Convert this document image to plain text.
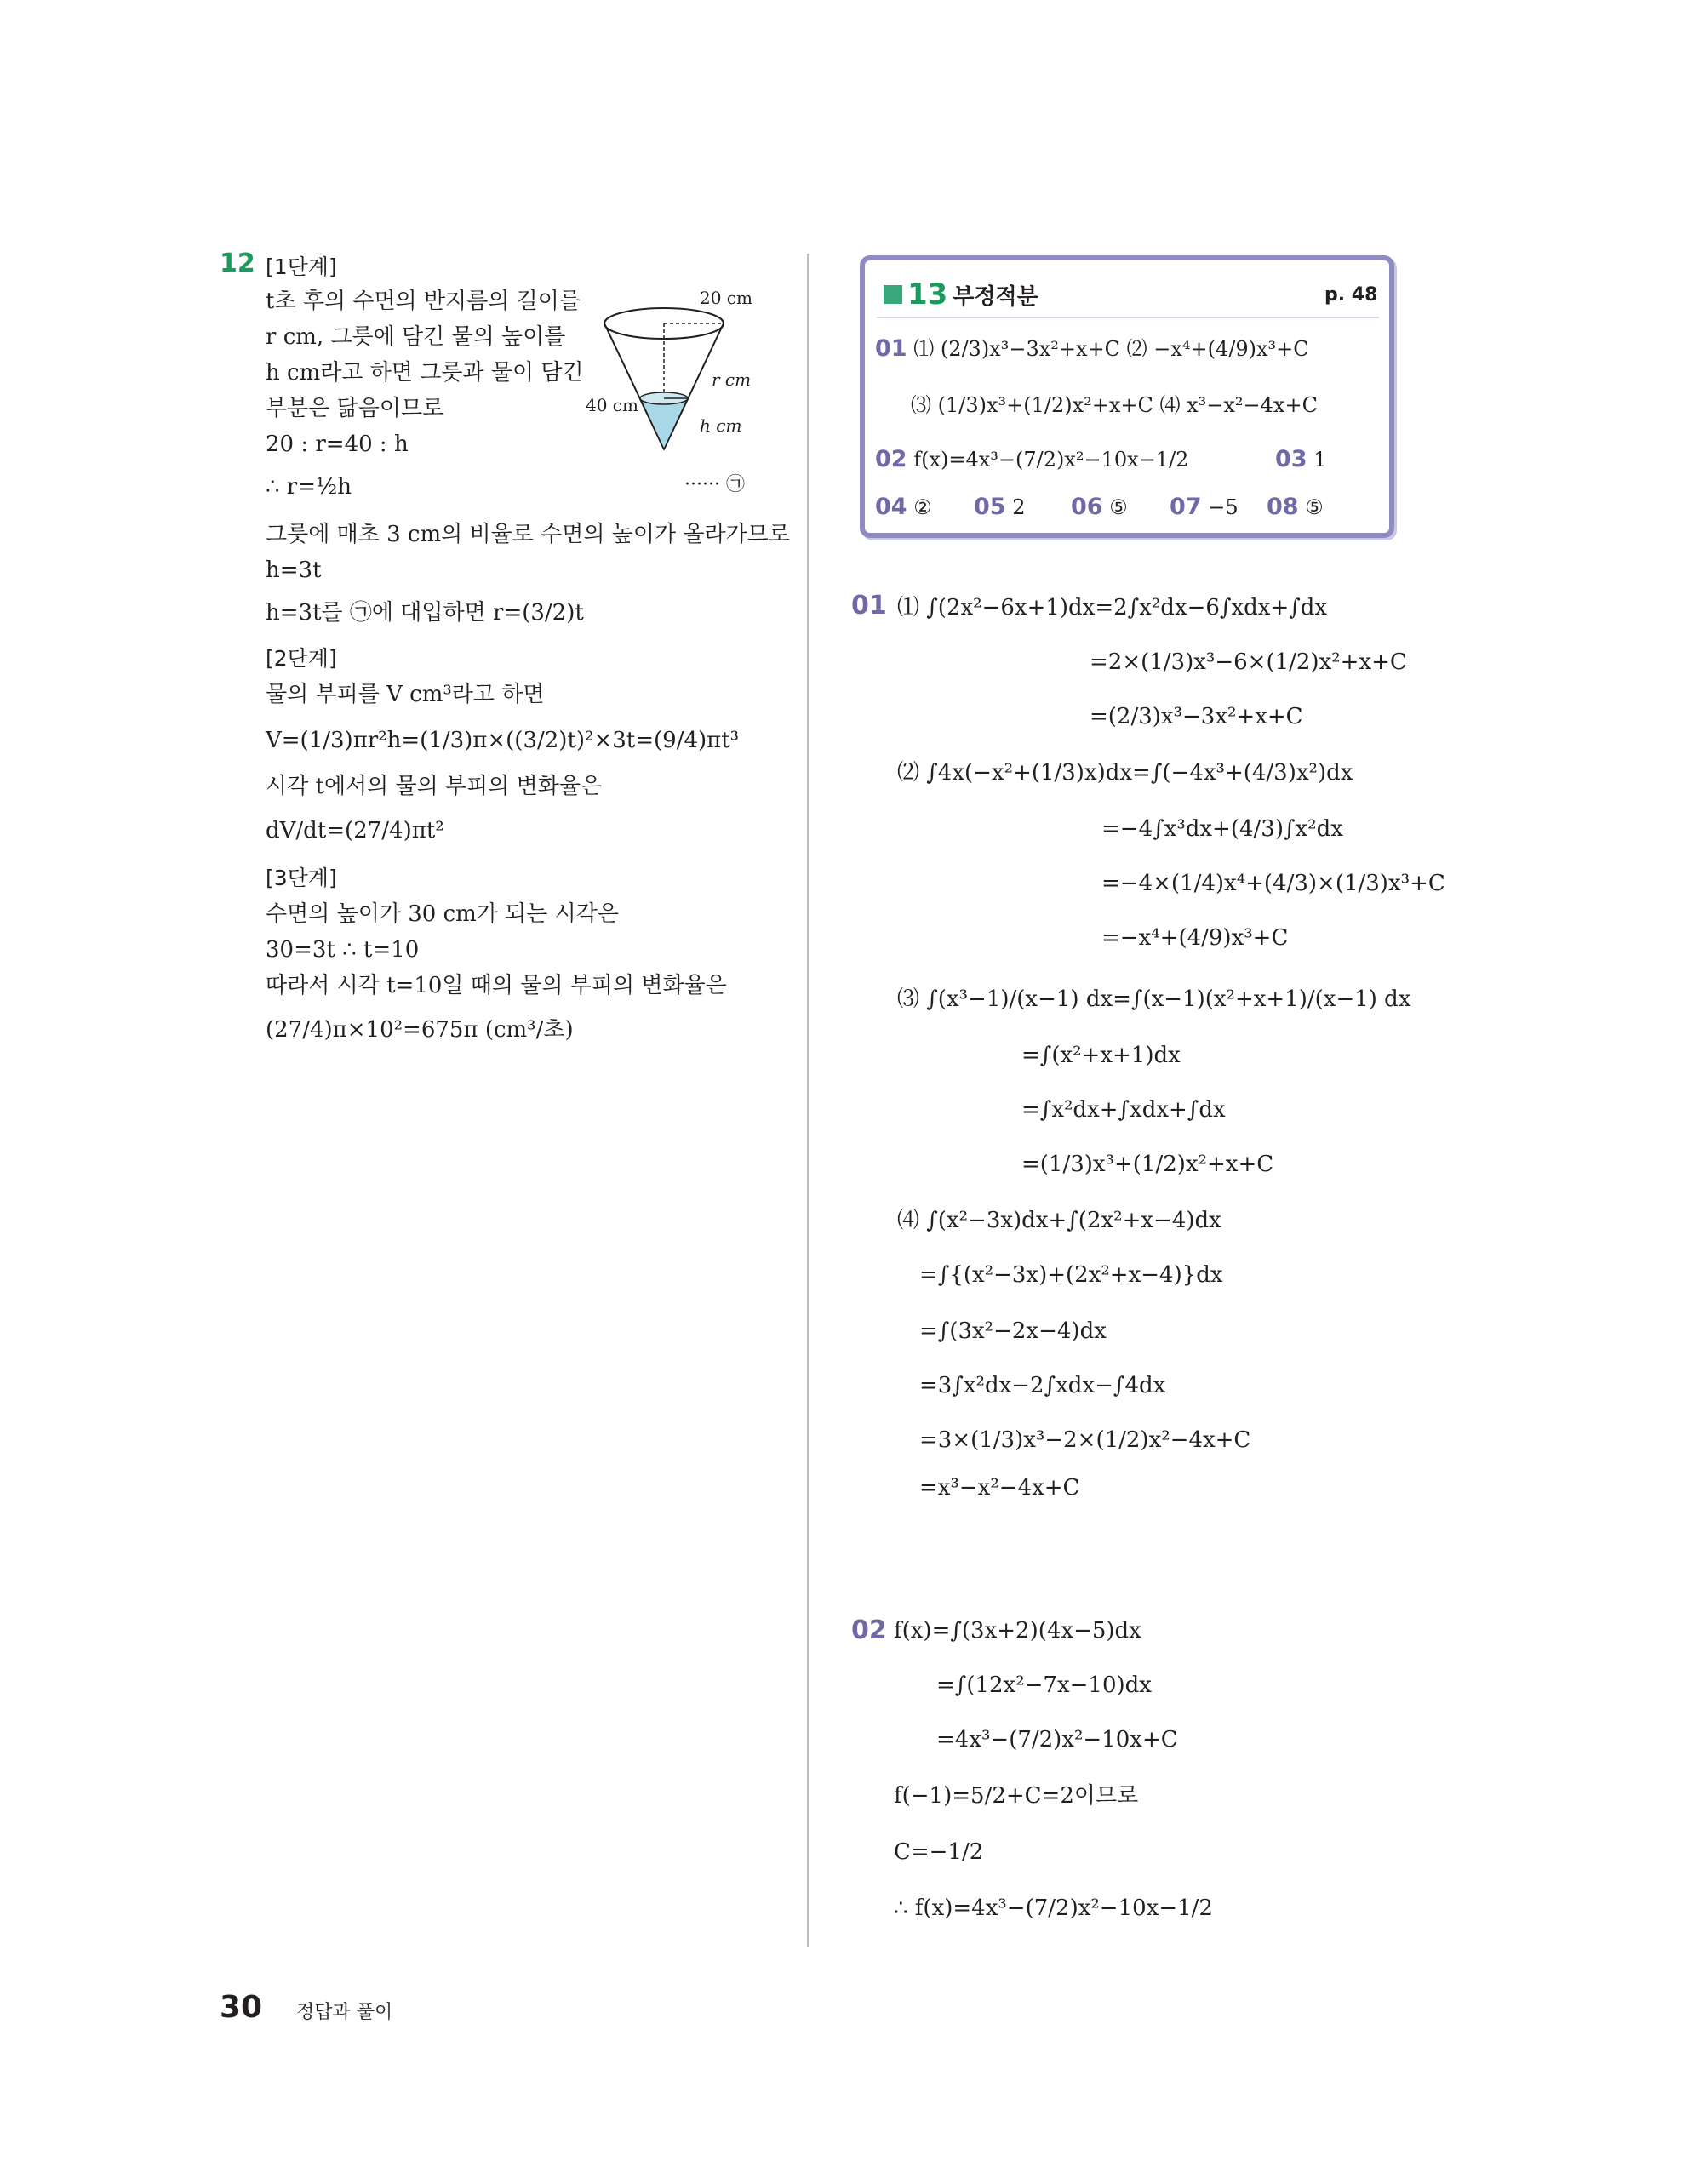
12 [1단계]
t초 후의 수면의 반지름의 길이를
r cm, 그릇에 담긴 물의 높이를
h cm라고 하면 그릇과 물이 담긴
부분은 닮음이므로
20 : r=40 : h
∴ r=½h
그릇에 매초 3 cm의 비율로 수면의 높이가 올라가므로
h=3t
h=3t를 ㉠에 대입하면 r=(3/2)t
[2단계]
물의 부피를 V cm³라고 하면
V=(1/3)πr²h=(1/3)π×((3/2)t)²×3t=(9/4)πt³
시각 t에서의 물의 부피의 변화율은
dV/dt=(27/4)πt²
[3단계]
수면의 높이가 30 cm가 되는 시각은
30=3t ∴ t=10
따라서 시각 t=10일 때의 물의 부피의 변화율은
(27/4)π×10²=675π (cm³/초)
······ ㉠
20 cm
r cm
40 cm
h cm
13 부정적분	p. 48
01 ⑴ (2/3)x³−3x²+x+C ⑵ −x⁴+(4/9)x³+C
⑶ (1/3)x³+(1/2)x²+x+C ⑷ x³−x²−4x+C
02 f(x)=4x³−(7/2)x²−10x−1/2	03 1
04 ② 05 2 06 ⑤ 07 −5 08 ⑤
01
02
⑴ ∫(2x²−6x+1)dx=2∫x²dx−6∫xdx+∫dx
=2×(1/3)x³−6×(1/2)x²+x+C
=(2/3)x³−3x²+x+C
⑵ ∫4x(−x²+(1/3)x)dx=∫(−4x³+(4/3)x²)dx
=−4∫x³dx+(4/3)∫x²dx
=−4×(1/4)x⁴+(4/3)×(1/3)x³+C
=−x⁴+(4/9)x³+C
⑶ ∫(x³−1)/(x−1) dx=∫(x−1)(x²+x+1)/(x−1) dx
=∫(x²+x+1)dx
=∫x²dx+∫xdx+∫dx
=(1/3)x³+(1/2)x²+x+C
⑷ ∫(x²−3x)dx+∫(2x²+x−4)dx
=∫{(x²−3x)+(2x²+x−4)}dx
=∫(3x²−2x−4)dx
=3∫x²dx−2∫xdx−∫4dx
=3×(1/3)x³−2×(1/2)x²−4x+C
=x³−x²−4x+C
f(x)=∫(3x+2)(4x−5)dx
=∫(12x²−7x−10)dx
=4x³−(7/2)x²−10x+C
f(−1)=5/2+C=2이므로
C=−1/2
∴ f(x)=4x³−(7/2)x²−10x−1/2
30 정답과 풀이
